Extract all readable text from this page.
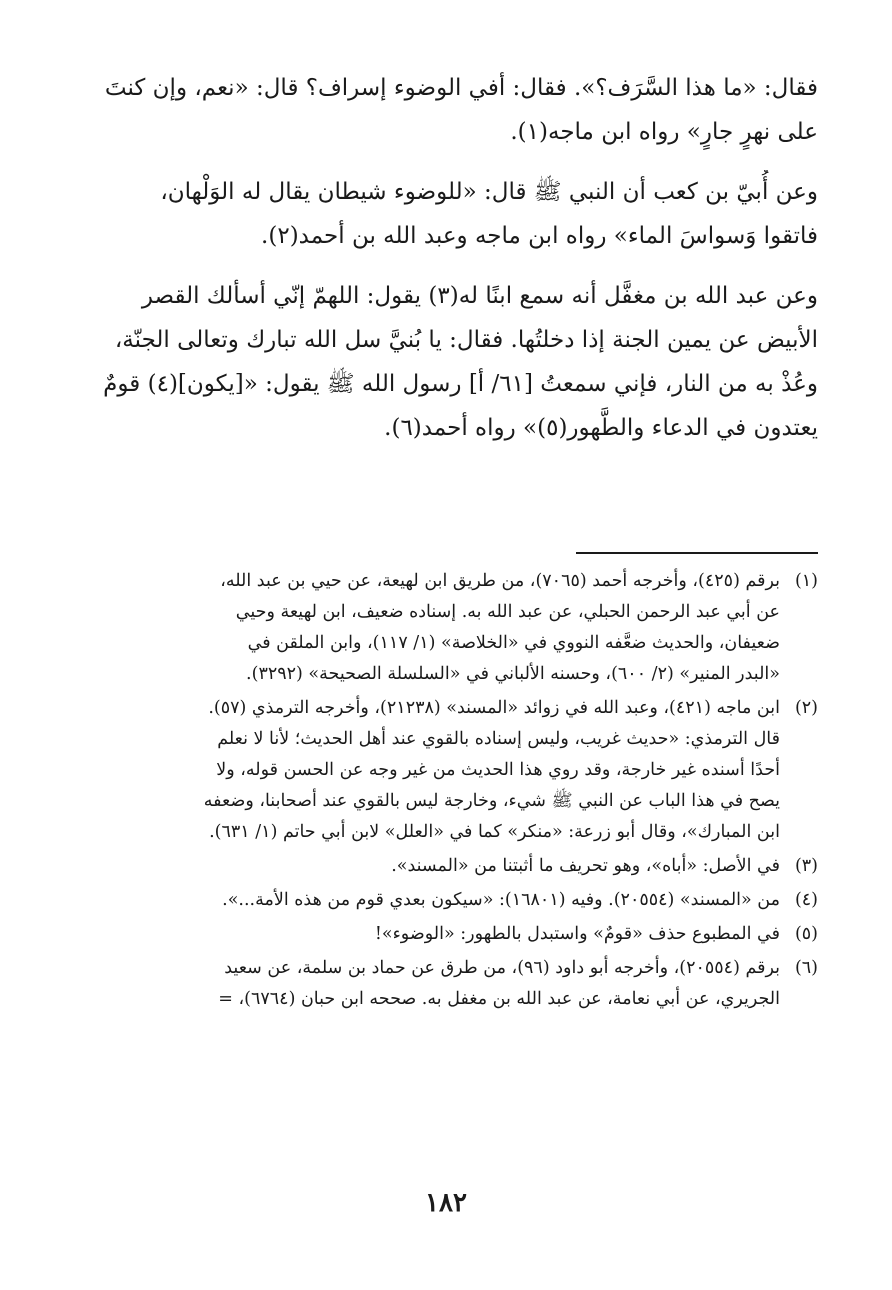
فقال: «ما هذا السَّرَف؟». فقال: أفي الوضوء إسراف؟ قال: «نعم، وإن كنتَ
على نهرٍ جارٍ» رواه ابن ماجه(١).
وعن أُبيّ بن كعب أن النبي ﷺ قال: «للوضوء شيطان يقال له الوَلْهان،
فاتقوا وَسواسَ الماء» رواه ابن ماجه وعبد الله بن أحمد(٢).
وعن عبد الله بن مغفَّل أنه سمع ابنًا له(٣) يقول: اللهمّ إنّي أسألك القصر
الأبيض عن يمين الجنة إذا دخلتُها. فقال: يا بُنيَّ سل الله تبارك وتعالى الجنّة،
وعُذْ به من النار، فإني سمعتُ [٦١/ أ] رسول الله ﷺ يقول: «[يكون](٤) قومٌ
يعتدون في الدعاء والطَّهور(٥)» رواه أحمد(٦).
(١)
برقم (٤٢٥)، وأخرجه أحمد (٧٠٦٥)، من طريق ابن لهيعة، عن حيي بن عبد الله،
عن أبي عبد الرحمن الحبلي، عن عبد الله به. إسناده ضعيف، ابن لهيعة وحيي
ضعيفان، والحديث ضعَّفه النووي في «الخلاصة» (١/ ١١٧)، وابن الملقن في
«البدر المنير» (٢/ ٦٠٠)، وحسنه الألباني في «السلسلة الصحيحة» (٣٢٩٢).
(٢)
ابن ماجه (٤٢١)، وعبد الله في زوائد «المسند» (٢١٢٣٨)، وأخرجه الترمذي (٥٧).
قال الترمذي: «حديث غريب، وليس إسناده بالقوي عند أهل الحديث؛ لأنا لا نعلم
أحدًا أسنده غير خارجة، وقد روي هذا الحديث من غير وجه عن الحسن قوله، ولا
يصح في هذا الباب عن النبي ﷺ شيء، وخارجة ليس بالقوي عند أصحابنا، وضعفه
ابن المبارك»، وقال أبو زرعة: «منكر» كما في «العلل» لابن أبي حاتم (١/ ٦٣١).
(٣)
في الأصل: «أباه»، وهو تحريف ما أثبتنا من «المسند».
(٤)
من «المسند» (٢٠٥٥٤). وفيه (١٦٨٠١): «سيكون بعدي قوم من هذه الأمة...».
(٥)
في المطبوع حذف «قومٌ» واستبدل بالطهور: «الوضوء»!
(٦)
برقم (٢٠٥٥٤)، وأخرجه أبو داود (٩٦)، من طرق عن حماد بن سلمة، عن سعيد
الجريري، عن أبي نعامة، عن عبد الله بن مغفل به. صححه ابن حبان (٦٧٦٤)، =
١٨٢
